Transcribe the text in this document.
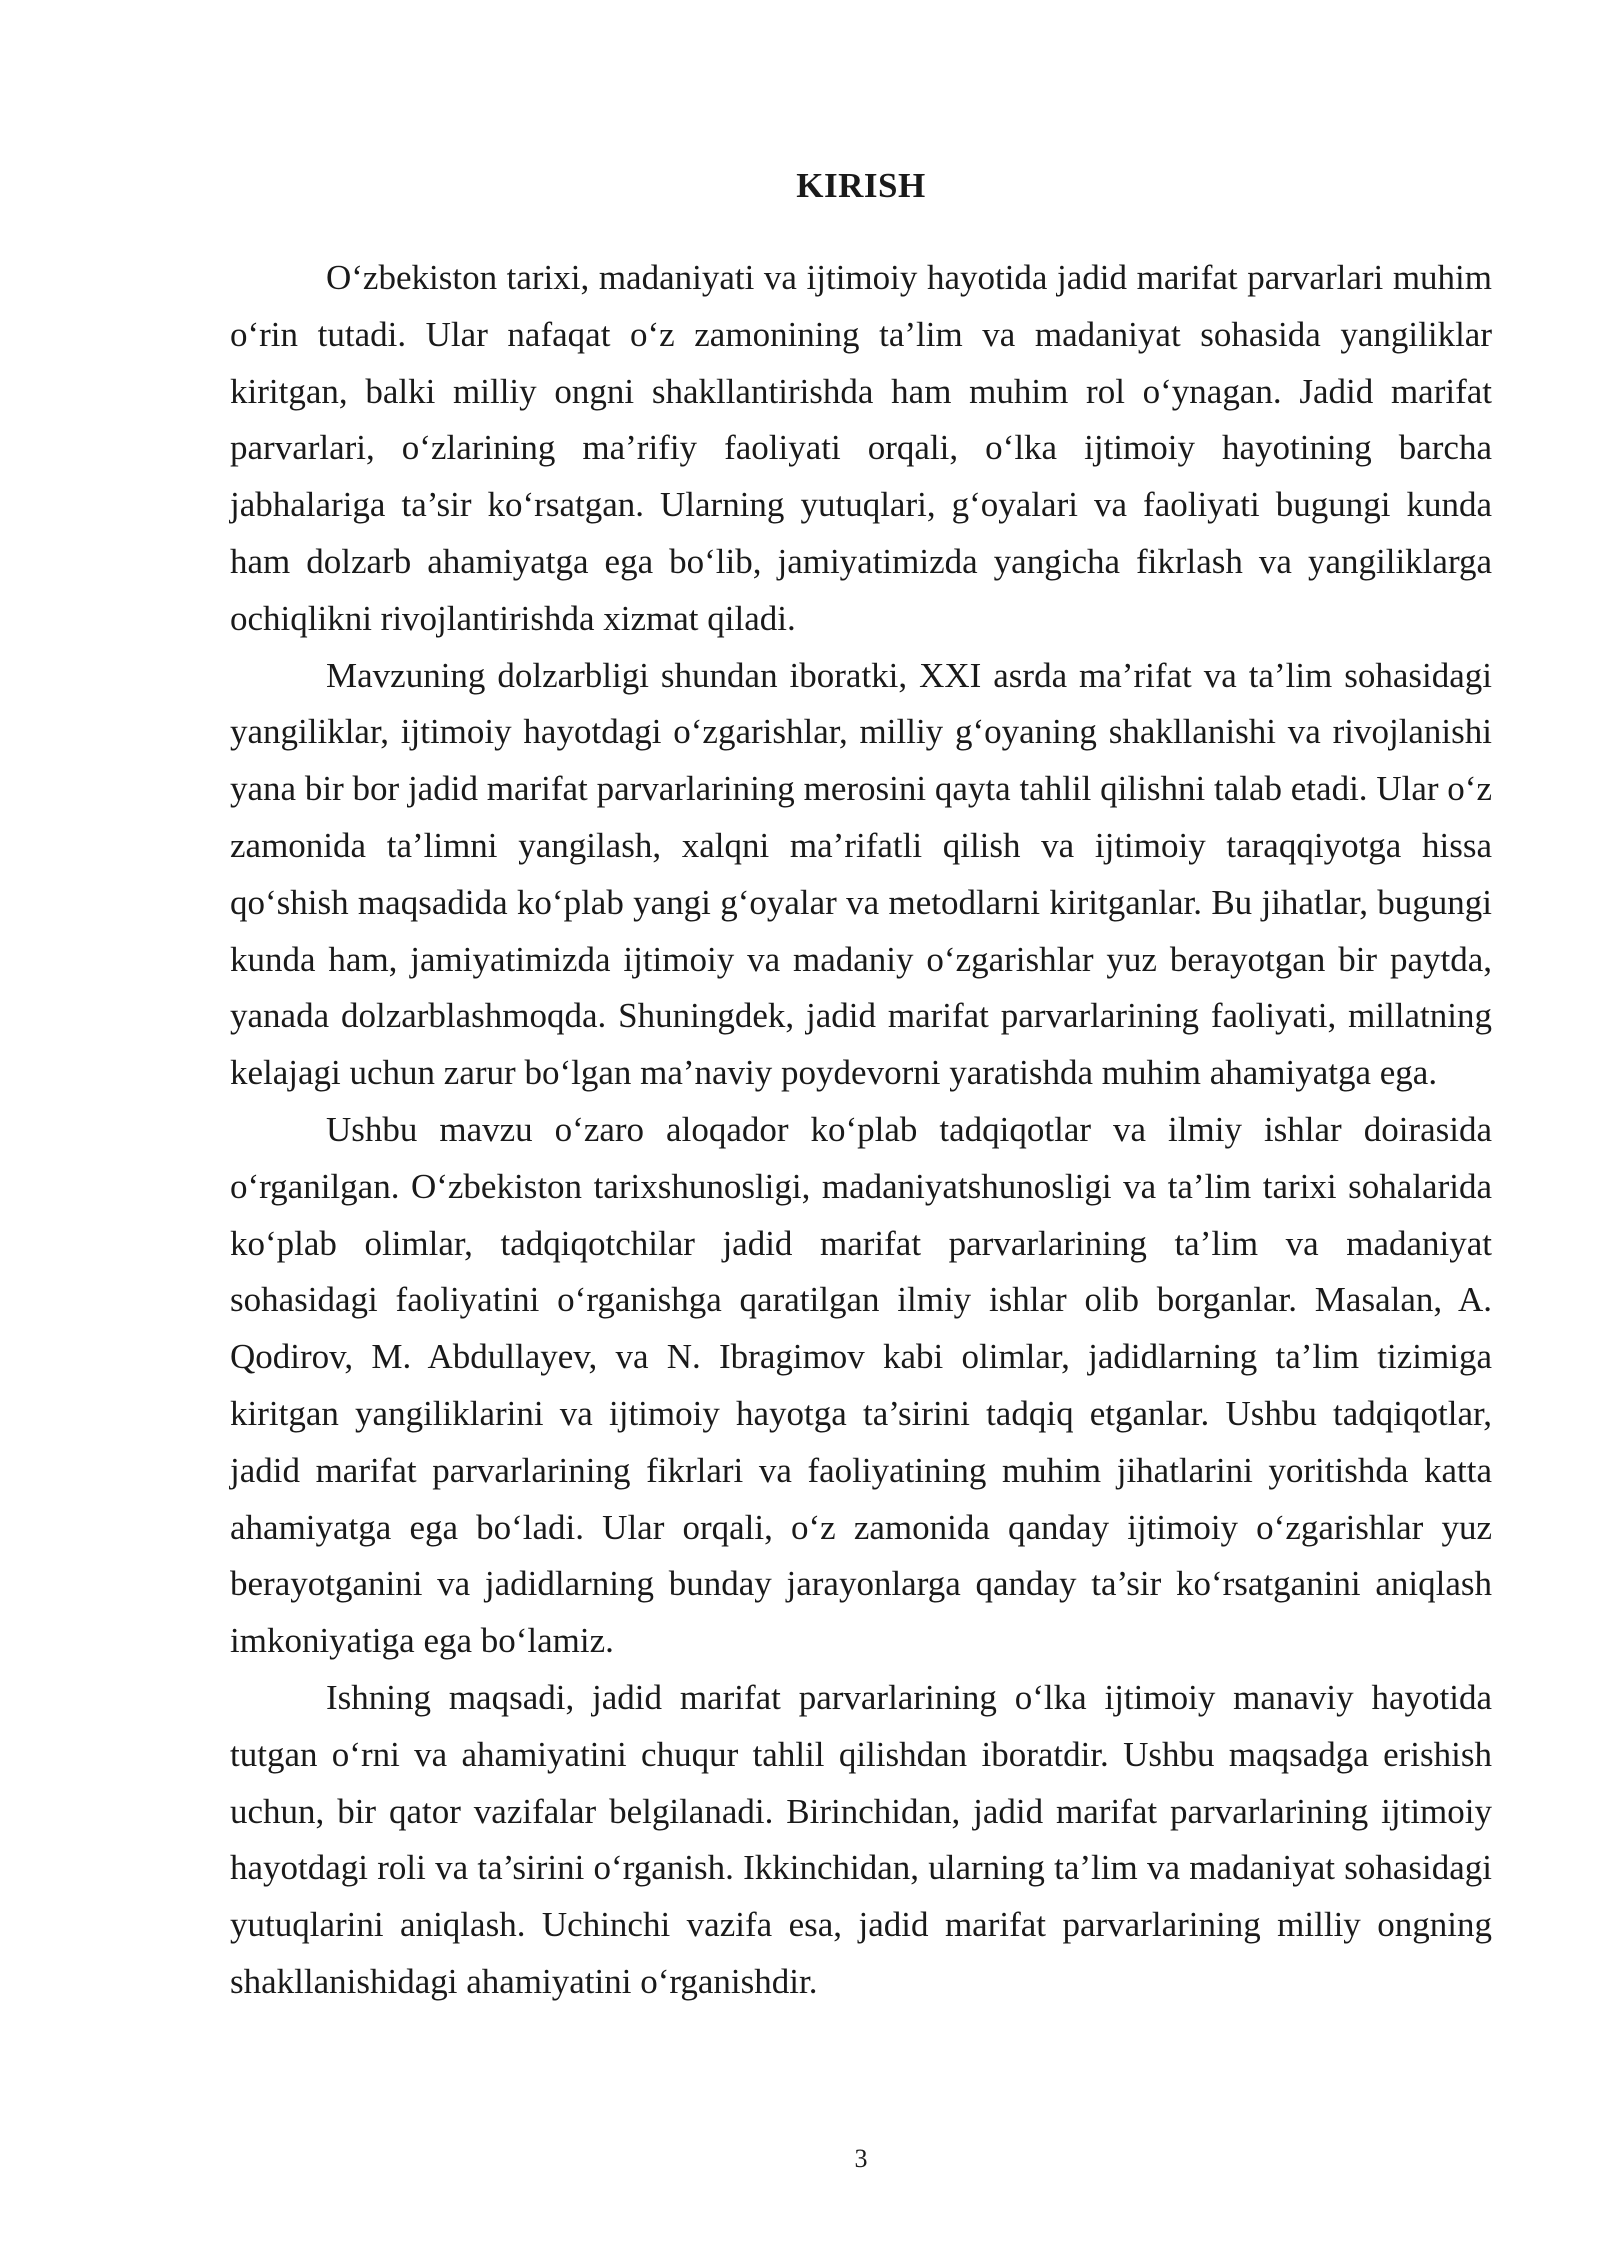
KIRISH

O‘zbekiston tarixi, madaniyati va ijtimoiy hayotida jadid marifat parvarlari muhim o‘rin tutadi. Ular nafaqat o‘z zamonining ta’lim va madaniyat sohasida yangiliklar kiritgan, balki milliy ongni shakllantirishda ham muhim rol o‘ynagan. Jadid marifat parvarlari, o‘zlarining ma’rifiy faoliyati orqali, o‘lka ijtimoiy hayotining barcha jabhalariga ta’sir ko‘rsatgan. Ularning yutuqlari, g‘oyalari va faoliyati bugungi kunda ham dolzarb ahamiyatga ega bo‘lib, jamiyatimizda yangicha fikrlash va yangiliklarga ochiqlikni rivojlantirishda xizmat qiladi.

Mavzuning dolzarbligi shundan iboratki, XXI asrda ma’rifat va ta’lim sohasidagi yangiliklar, ijtimoiy hayotdagi o‘zgarishlar, milliy g‘oyaning shakllanishi va rivojlanishi yana bir bor jadid marifat parvarlarining merosini qayta tahlil qilishni talab etadi. Ular o‘z zamonida ta’limni yangilash, xalqni ma’rifatli qilish va ijtimoiy taraqqiyotga hissa qo‘shish maqsadida ko‘plab yangi g‘oyalar va metodlarni kiritganlar. Bu jihatlar, bugungi kunda ham, jamiyatimizda ijtimoiy va madaniy o‘zgarishlar yuz berayotgan bir paytda, yanada dolzarblashmoqda. Shuningdek, jadid marifat parvarlarining faoliyati, millatning kelajagi uchun zarur bo‘lgan ma’naviy poydevorni yaratishda muhim ahamiyatga ega.

Ushbu mavzu o‘zaro aloqador ko‘plab tadqiqotlar va ilmiy ishlar doirasida o‘rganilgan. O‘zbekiston tarixshunosligi, madaniyatshunosligi va ta’lim tarixi sohalarida ko‘plab olimlar, tadqiqotchilar jadid marifat parvarlarining ta’lim va madaniyat sohasidagi faoliyatini o‘rganishga qaratilgan ilmiy ishlar olib borganlar. Masalan, A. Qodirov, M. Abdullayev, va N. Ibragimov kabi olimlar, jadidlarning ta’lim tizimiga kiritgan yangiliklarini va ijtimoiy hayotga ta’sirini tadqiq etganlar. Ushbu tadqiqotlar, jadid marifat parvarlarining fikrlari va faoliyatining muhim jihatlarini yoritishda katta ahamiyatga ega bo‘ladi. Ular orqali, o‘z zamonida qanday ijtimoiy o‘zgarishlar yuz berayotganini va jadidlarning bunday jarayonlarga qanday ta’sir ko‘rsatganini aniqlash imkoniyatiga ega bo‘lamiz.

Ishning maqsadi, jadid marifat parvarlarining o‘lka ijtimoiy manaviy hayotida tutgan o‘rni va ahamiyatini chuqur tahlil qilishdan iboratdir. Ushbu maqsadga erishish uchun, bir qator vazifalar belgilanadi. Birinchidan, jadid marifat parvarlarining ijtimoiy hayotdagi roli va ta’sirini o‘rganish. Ikkinchidan, ularning ta’lim va madaniyat sohasidagi yutuqlarini aniqlash. Uchinchi vazifa esa, jadid marifat parvarlarining milliy ongning shakllanishidagi ahamiyatini o‘rganishdir.

3
